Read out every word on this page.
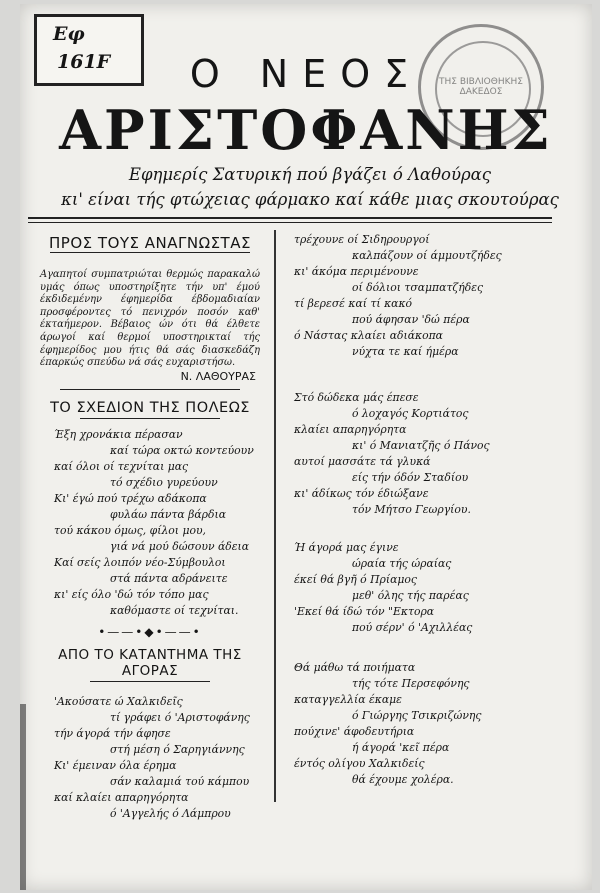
Εφ
161F
ΤΗΣ ΒΙΒΛΙΟΘΗΚΗΣ ΔΑΚΕΔΟΣ
Ο ΝΕΟΣ
ΑΡΙΣΤΟΦΑΝΗΣ
Εφημερίς Σατυρική πού βγάζει ό Λαθούρας
κι' είναι τής φτώχειας φάρμακο καί κάθε μιας σκουτούρας
ΠΡΟΣ ΤΟΥΣ ΑΝΑΓΝΩΣΤΑΣ
Αγαπητοί συμπατριώται θερμώς παρακαλώ υμάς όπως υποστηρίξητε τήν υπ' έμού έκδιδεμένην έφημερίδα έβδομαδιαίαν προσφέροντες τό πενιχρόν ποσόν καθ' έκταήμερον. Βέβαιος ών ότι θά έλθετε άρωγοί καί θερμοί υποστηρικταί τής έφημερίδος μου ήτις θά σάς διασκεδάζη έπαρκώς σπεύδω νά σάς ευχαριστήσω.
Ν. ΛΑΘΟΥΡΑΣ
ΤΟ ΣΧΕΔΙΟΝ ΤΗΣ ΠΟΛΕΩΣ
Έξη χρονάκια πέρασαν
καί τώρα οκτώ κοντεύουν
καί όλοι οί τεχνίται μας
τό σχέδιο γυρεύουν
Κι' έγώ πού τρέχω αδάκοπα
φυλάω πάντα βάρδια
τού κάκου όμως, φίλοι μου,
γιά νά μού δώσουν άδεια
Καί σείς λοιπόν νέο-Σύμβουλοι
στά πάντα αδράνειτε
κι' είς όλο 'δώ τόν τόπο μας
καθόμαστε οί τεχνίται.
•——•◆•——•
ΑΠΟ ΤΟ ΚΑΤΑΝΤΗΜΑ ΤΗΣ ΑΓΟΡΑΣ
'Ακούσατε ώ Χαλκιδεῖς
τί γράφει ό 'Αριστοφάνης
τήν άγορά τήν άφησε
στή μέση ό Σαρηγιάννης
Κι' έμειναν όλα έρημα
σάν καλαμιά τού κάμπου
καί κλαίει απαρηγόρητα
ό 'Αγγελής ό Λάμπρου
τρέχουνε οί Σιδηρουργοί
καλπάζουν οί άμμουτζήδες
κι' άκόμα περιμένουνε
οί δόλιοι τσαμπατζήδες
τί βερεσέ καί τί κακό
πού άφησαν 'δώ πέρα
ό Νάστας κλαίει αδιάκοπα
νύχτα τε καί ήμέρα
Στό δώδεκα μάς έπεσε
ό λοχαγός Κορτιάτος
κλαίει απαρηγόρητα
κι' ό Μανιατζῆς ό Πάνος
αυτοί μασσάτε τά γλυκά
είς τήν όδόν Σταδίου
κι' άδίκως τόν έδιώξανε
τόν Μήτσο Γεωργίου.
Ή άγορά μας έγινε
ώραία τής ώραίας
έκεί θά βγῆ ό Πρίαμος
μεθ' όλης τής παρέας
'Εκεί θά ίδώ τόν "Εκτορα
πού σέρν' ό 'Αχιλλέας
Θά μάθω τά ποιήματα
τής τότε Περσεφόνης
καταγγελλία έκαμε
ό Γιώργης Τσικριζώνης
πούχινε' άφοδευτήρια
ή άγορά 'κεῖ πέρα
έντός ολίγου Χαλκιδείς
θά έχουμε χολέρα.
